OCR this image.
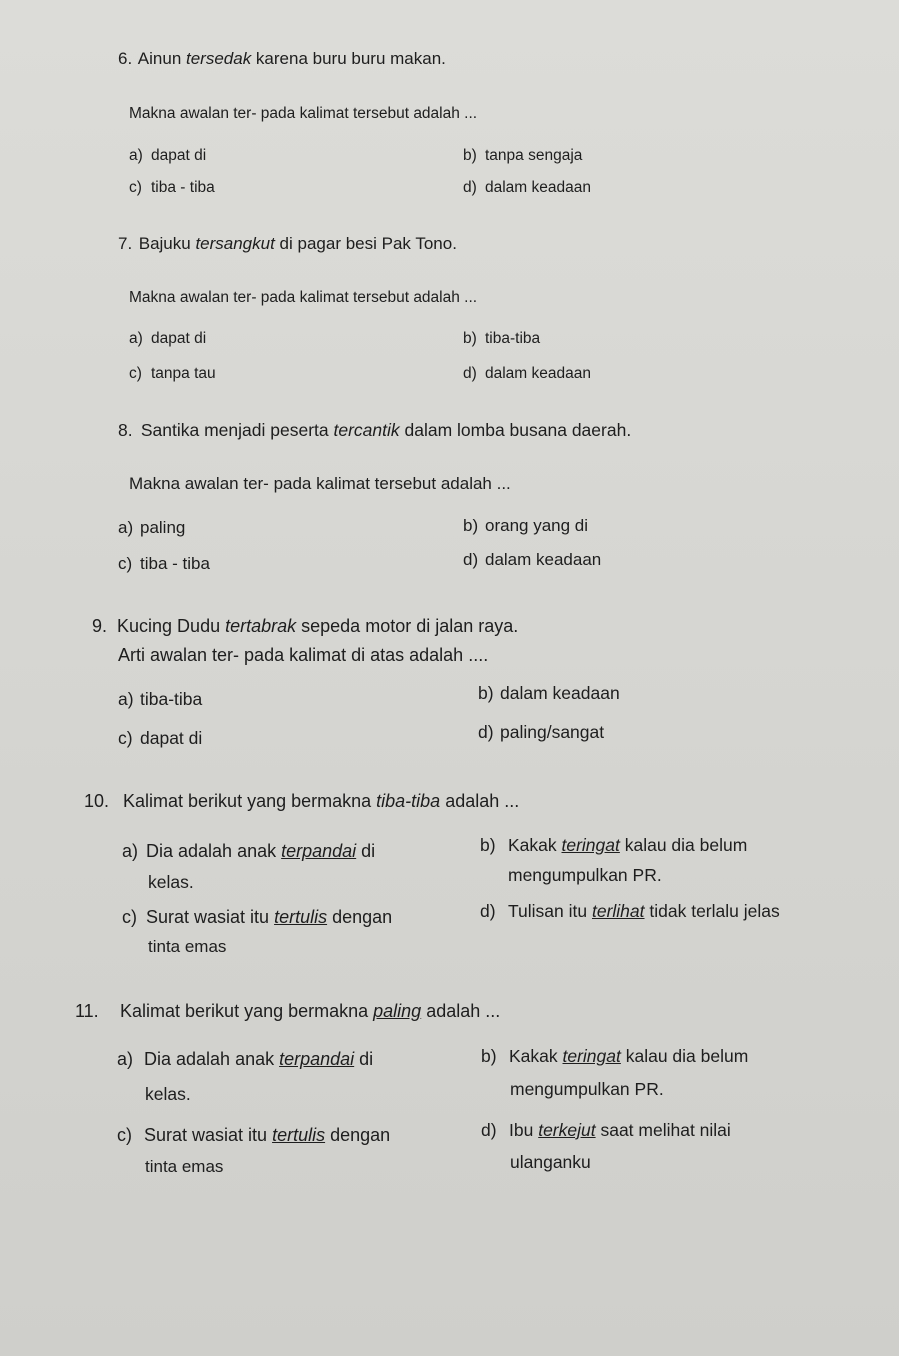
6. Ainun tersedak karena buru buru makan.
Makna awalan ter- pada kalimat tersebut adalah ...
a) dapat di	b) tanpa sengaja
c) tiba - tiba	d) dalam keadaan
7. Bajuku tersangkut di pagar besi Pak Tono.
Makna awalan ter- pada kalimat tersebut adalah ...
a) dapat di	b) tiba-tiba
c) tanpa tau	d) dalam keadaan
8. Santika menjadi peserta tercantik dalam lomba busana daerah.
Makna awalan ter- pada kalimat tersebut adalah ...
a) paling	b) orang yang di
c) tiba - tiba	d) dalam keadaan
9. Kucing Dudu tertabrak sepeda motor di jalan raya.
Arti awalan ter- pada kalimat di atas adalah ....
a) tiba-tiba	b) dalam keadaan
c) dapat di	d) paling/sangat
10. Kalimat berikut yang bermakna tiba-tiba adalah ...
a) Dia adalah anak terpandai di
kelas.
b) Kakak teringat kalau dia belum
mengumpulkan PR.
c) Surat wasiat itu tertulis dengan
tinta emas
d) Tulisan itu terlihat tidak terlalu jelas
11. Kalimat berikut yang bermakna paling adalah ...
a) Dia adalah anak terpandai di
kelas.
b) Kakak teringat kalau dia belum
mengumpulkan PR.
c) Surat wasiat itu tertulis dengan
tinta emas
d) Ibu terkejut saat melihat nilai
ulanganku
